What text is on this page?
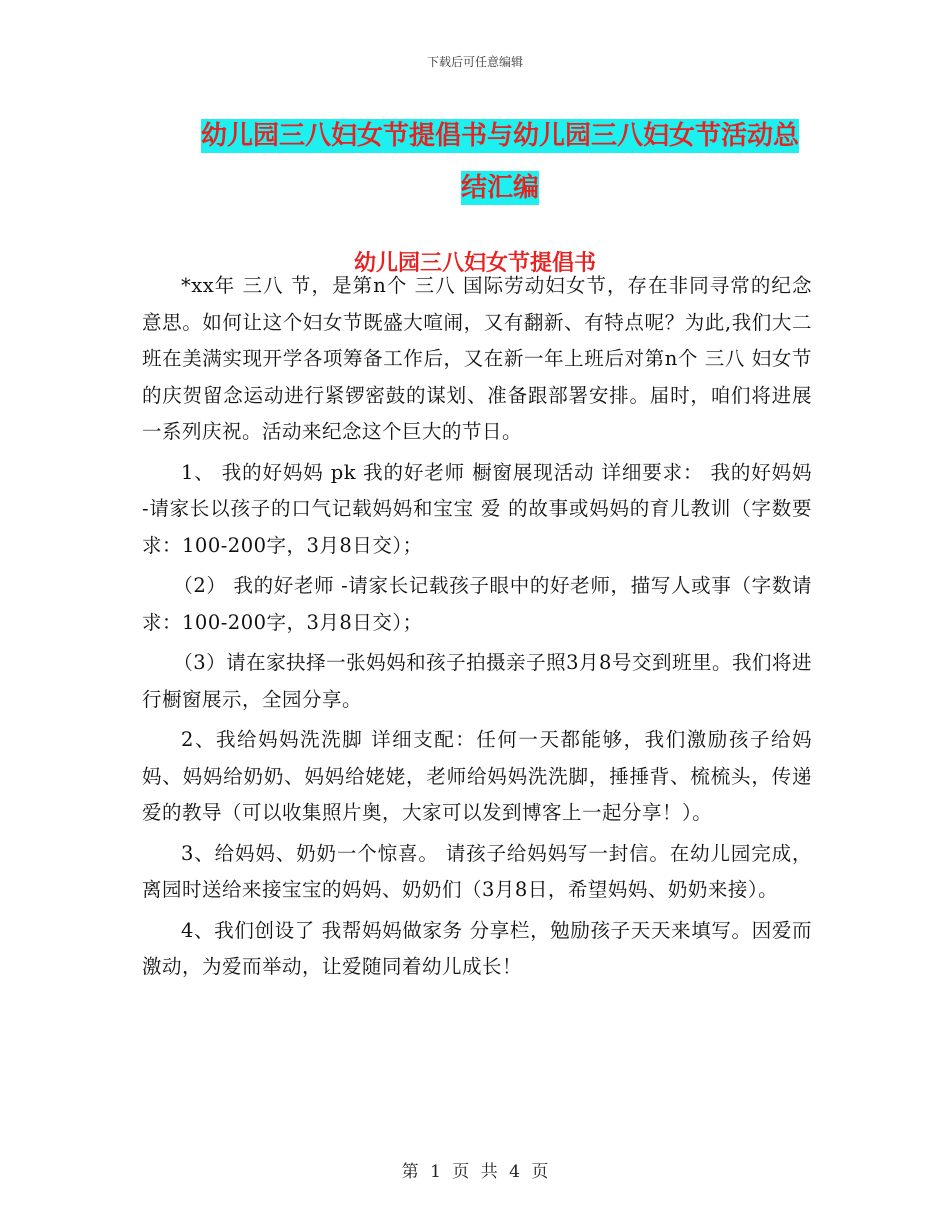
下载后可任意编辑
幼儿园三八妇女节提倡书与幼儿园三八妇女节活动总
结汇编
幼儿园三八妇女节提倡书

*xx年 三八 节，是第n个 三八 国际劳动妇女节，存在非同寻常的纪念意思。如何让这个妇女节既盛大喧闹，又有翻新、有特点呢？为此,我们大二班在美满实现开学各项筹备工作后，又在新一年上班后对第n个 三八 妇女节的庆贺留念运动进行紧锣密鼓的谋划、准备跟部署安排。届时，咱们将进展一系列庆祝。活动来纪念这个巨大的节日。

1、 我的好妈妈 pk 我的好老师 橱窗展现活动 详细要求： 我的好妈妈 -请家长以孩子的口气记载妈妈和宝宝 爱 的故事或妈妈的育儿教训（字数要求：100-200字，3月8日交）；

（2） 我的好老师 -请家长记载孩子眼中的好老师，描写人或事（字数请求：100-200字，3月8日交）；

（3）请在家抉择一张妈妈和孩子拍摄亲子照3月8号交到班里。我们将进行橱窗展示，全园分享。

2、我给妈妈洗洗脚 详细支配：任何一天都能够，我们激励孩子给妈妈、妈妈给奶奶、妈妈给姥姥，老师给妈妈洗洗脚，捶捶背、梳梳头，传递爱的教导（可以收集照片奥，大家可以发到博客上一起分享！）。

3、给妈妈、奶奶一个惊喜。 请孩子给妈妈写一封信。在幼儿园完成，离园时送给来接宝宝的妈妈、奶奶们（3月8日，希望妈妈、奶奶来接）。

4、我们创设了 我帮妈妈做家务 分享栏，勉励孩子天天来填写。因爱而激动，为爱而举动，让爱随同着幼儿成长！

第 1 页 共 4 页
